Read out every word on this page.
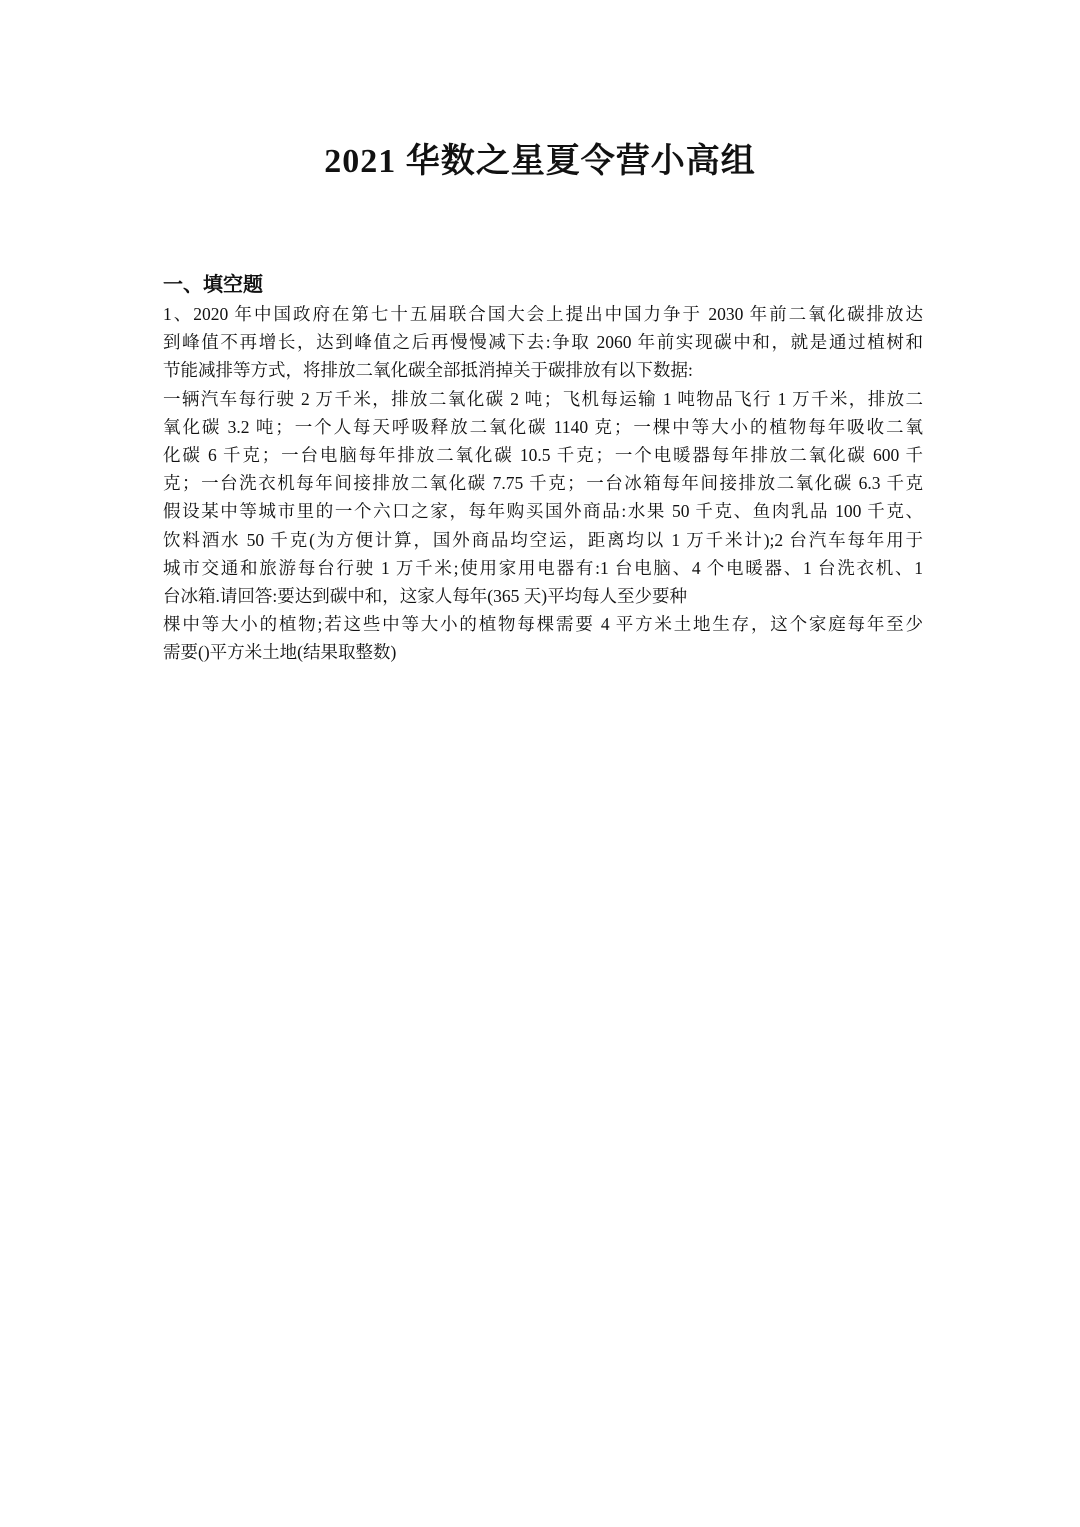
2021 华数之星夏令营小高组

一、填空题

1、2020 年中国政府在第七十五届联合国大会上提出中国力争于 2030 年前二氧化碳排放达

到峰值不再增长，达到峰值之后再慢慢减下去:争取 2060 年前实现碳中和，就是通过植树和

节能减排等方式，将排放二氧化碳全部抵消掉关于碳排放有以下数据:

一辆汽车每行驶 2 万千米，排放二氧化碳 2 吨；飞机每运输 1 吨物品飞行 1 万千米，排放二

氧化碳 3.2 吨；一个人每天呼吸释放二氧化碳 1140 克；一棵中等大小的植物每年吸收二氧

化碳 6 千克；一台电脑每年排放二氧化碳 10.5 千克；一个电暖器每年排放二氧化碳 600 千

克；一台洗衣机每年间接排放二氧化碳 7.75 千克；一台冰箱每年间接排放二氧化碳 6.3 千克

假设某中等城市里的一个六口之家，每年购买国外商品:水果 50 千克、鱼肉乳品 100 千克、

饮料酒水 50 千克(为方便计算，国外商品均空运，距离均以 1 万千米计);2 台汽车每年用于

城市交通和旅游每台行驶 1 万千米;使用家用电器有:1 台电脑、4 个电暖器、1 台洗衣机、1

台冰箱.请回答:要达到碳中和，这家人每年(365 天)平均每人至少要种

棵中等大小的植物;若这些中等大小的植物每棵需要 4 平方米土地生存，这个家庭每年至少

需要()平方米土地(结果取整数)
